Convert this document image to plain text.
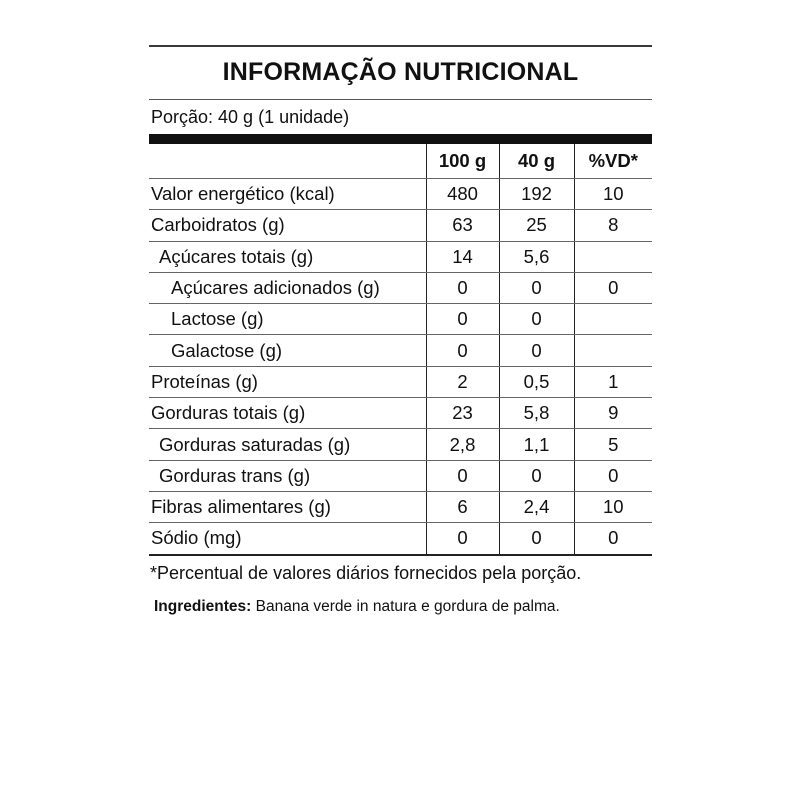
INFORMAÇÃO NUTRICIONAL
Porção: 40 g (1 unidade)
	100 g	40 g	%VD*
Valor energético (kcal)	480	192	10
Carboidratos (g)	63	25	8
Açúcares totais (g)	14	5,6	
Açúcares adicionados (g)	0	0	0
Lactose (g)	0	0	
Galactose (g)	0	0	
Proteínas (g)	2	0,5	1
Gorduras totais (g)	23	5,8	9
Gorduras saturadas (g)	2,8	1,1	5
Gorduras trans (g)	0	0	0
Fibras alimentares (g)	6	2,4	10
Sódio (mg)	0	0	0
*Percentual de valores diários fornecidos pela porção.
Ingredientes: Banana verde in natura e gordura de palma.
